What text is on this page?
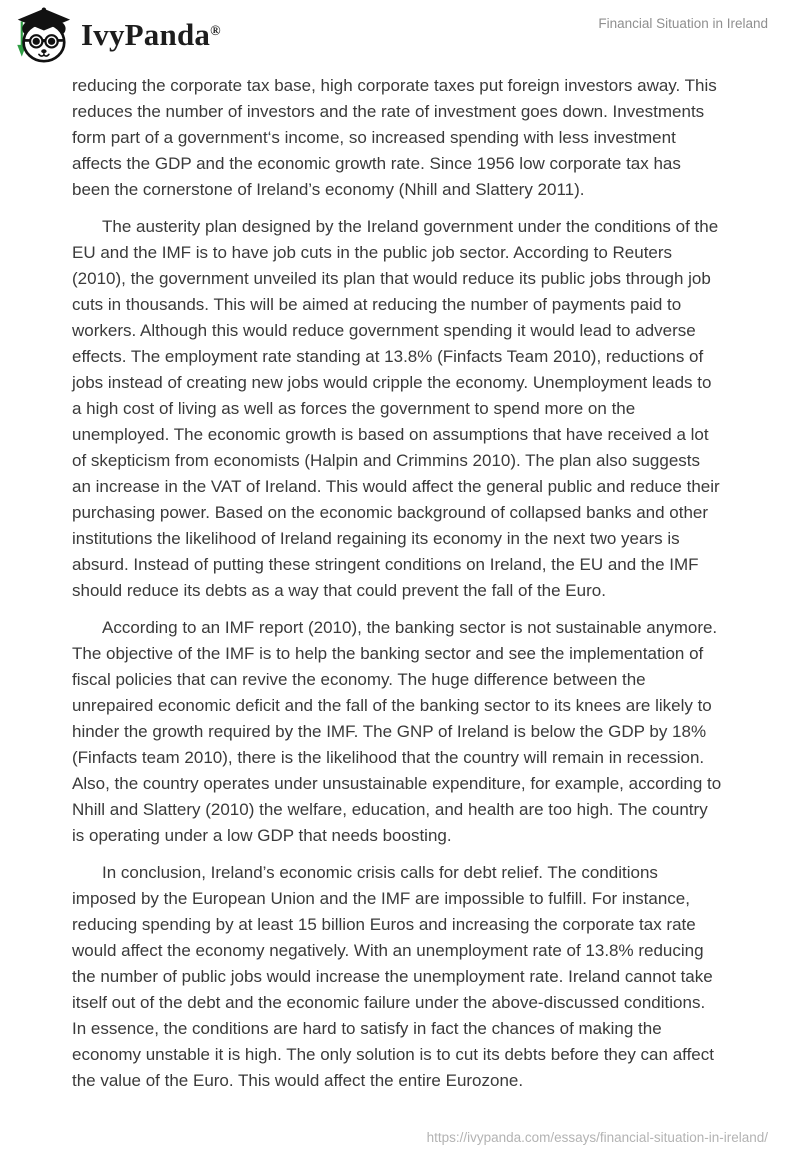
IvyPanda®
Financial Situation in Ireland

reducing the corporate tax base, high corporate taxes put foreign investors away. This reduces the number of investors and the rate of investment goes down. Investments form part of a government‘s income, so increased spending with less investment affects the GDP and the economic growth rate. Since 1956 low corporate tax has been the cornerstone of Ireland’s economy (Nhill and Slattery 2011).

The austerity plan designed by the Ireland government under the conditions of the EU and the IMF is to have job cuts in the public job sector. According to Reuters (2010), the government unveiled its plan that would reduce its public jobs through job cuts in thousands. This will be aimed at reducing the number of payments paid to workers. Although this would reduce government spending it would lead to adverse effects. The employment rate standing at 13.8% (Finfacts Team 2010), reductions of jobs instead of creating new jobs would cripple the economy. Unemployment leads to a high cost of living as well as forces the government to spend more on the unemployed. The economic growth is based on assumptions that have received a lot of skepticism from economists (Halpin and Crimmins 2010). The plan also suggests an increase in the VAT of Ireland. This would affect the general public and reduce their purchasing power. Based on the economic background of collapsed banks and other institutions the likelihood of Ireland regaining its economy in the next two years is absurd. Instead of putting these stringent conditions on Ireland, the EU and the IMF should reduce its debts as a way that could prevent the fall of the Euro.

According to an IMF report (2010), the banking sector is not sustainable anymore. The objective of the IMF is to help the banking sector and see the implementation of fiscal policies that can revive the economy. The huge difference between the unrepaired economic deficit and the fall of the banking sector to its knees are likely to hinder the growth required by the IMF. The GNP of Ireland is below the GDP by 18% (Finfacts team 2010), there is the likelihood that the country will remain in recession. Also, the country operates under unsustainable expenditure, for example, according to Nhill and Slattery (2010) the welfare, education, and health are too high. The country is operating under a low GDP that needs boosting.

In conclusion, Ireland’s economic crisis calls for debt relief. The conditions imposed by the European Union and the IMF are impossible to fulfill. For instance, reducing spending by at least 15 billion Euros and increasing the corporate tax rate would affect the economy negatively. With an unemployment rate of 13.8% reducing the number of public jobs would increase the unemployment rate. Ireland cannot take itself out of the debt and the economic failure under the above-discussed conditions. In essence, the conditions are hard to satisfy in fact the chances of making the economy unstable it is high. The only solution is to cut its debts before they can affect the value of the Euro. This would affect the entire Eurozone.

https://ivypanda.com/essays/financial-situation-in-ireland/
